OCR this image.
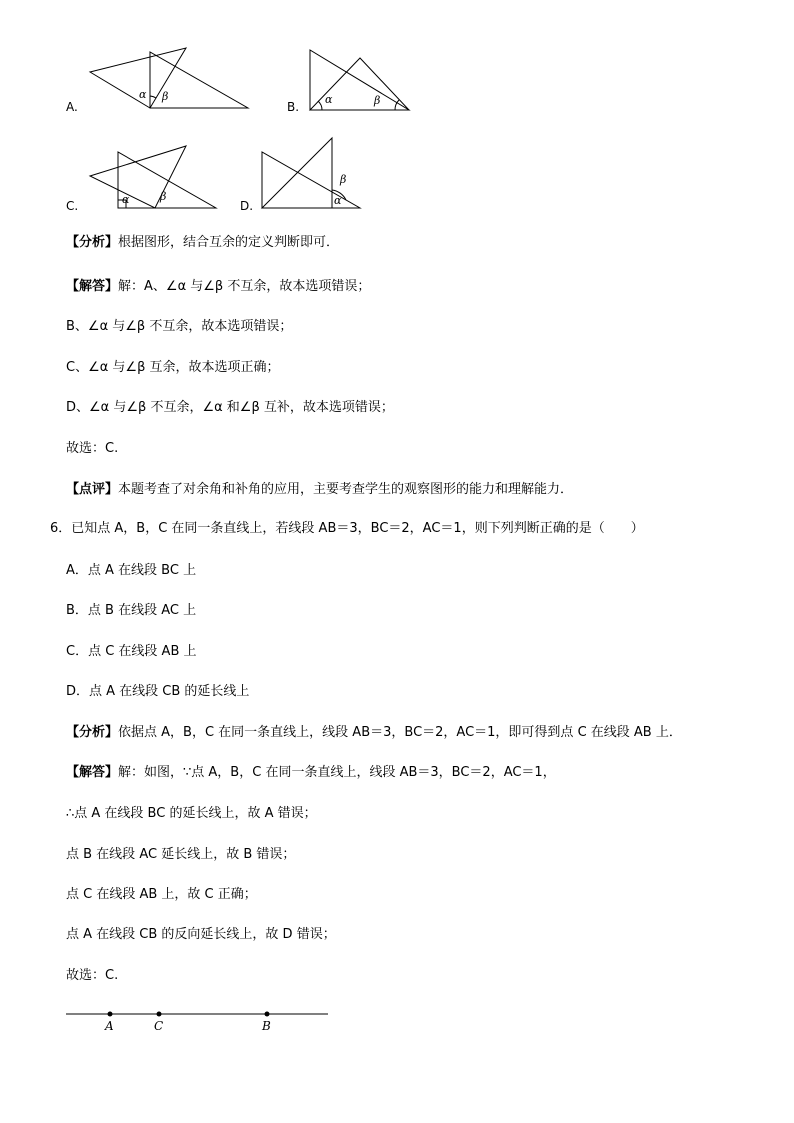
A.
α β
B.
α	β
C.	α	β
D.	α
β
【分析】根据图形，结合互余的定义判断即可．
【解答】解：A、∠α 与∠β 不互余，故本选项错误；
B、∠α 与∠β 不互余，故本选项错误；
C、∠α 与∠β 互余，故本选项正确；
D、∠α 与∠β 不互余，∠α 和∠β 互补，故本选项错误；
故选：C.
【点评】本题考查了对余角和补角的应用，主要考查学生的观察图形的能力和理解能力．
6．已知点 A，B，C 在同一条直线上，若线段 AB＝3，BC＝2，AC＝1，则下列判断正确的是（　　）
A．点 A 在线段 BC 上
B．点 B 在线段 AC 上
C．点 C 在线段 AB 上
D．点 A 在线段 CB 的延长线上
【分析】依据点 A，B，C 在同一条直线上，线段 AB＝3，BC＝2，AC＝1，即可得到点 C 在线段 AB 上．
【解答】解：如图，∵点 A，B，C 在同一条直线上，线段 AB＝3，BC＝2，AC＝1，
∴点 A 在线段 BC 的延长线上，故 A 错误；
点 B 在线段 AC 延长线上，故 B 错误；
点 C 在线段 AB 上，故 C 正确；
点 A 在线段 CB 的反向延长线上，故 D 错误；
故选：C.
A	C	B
